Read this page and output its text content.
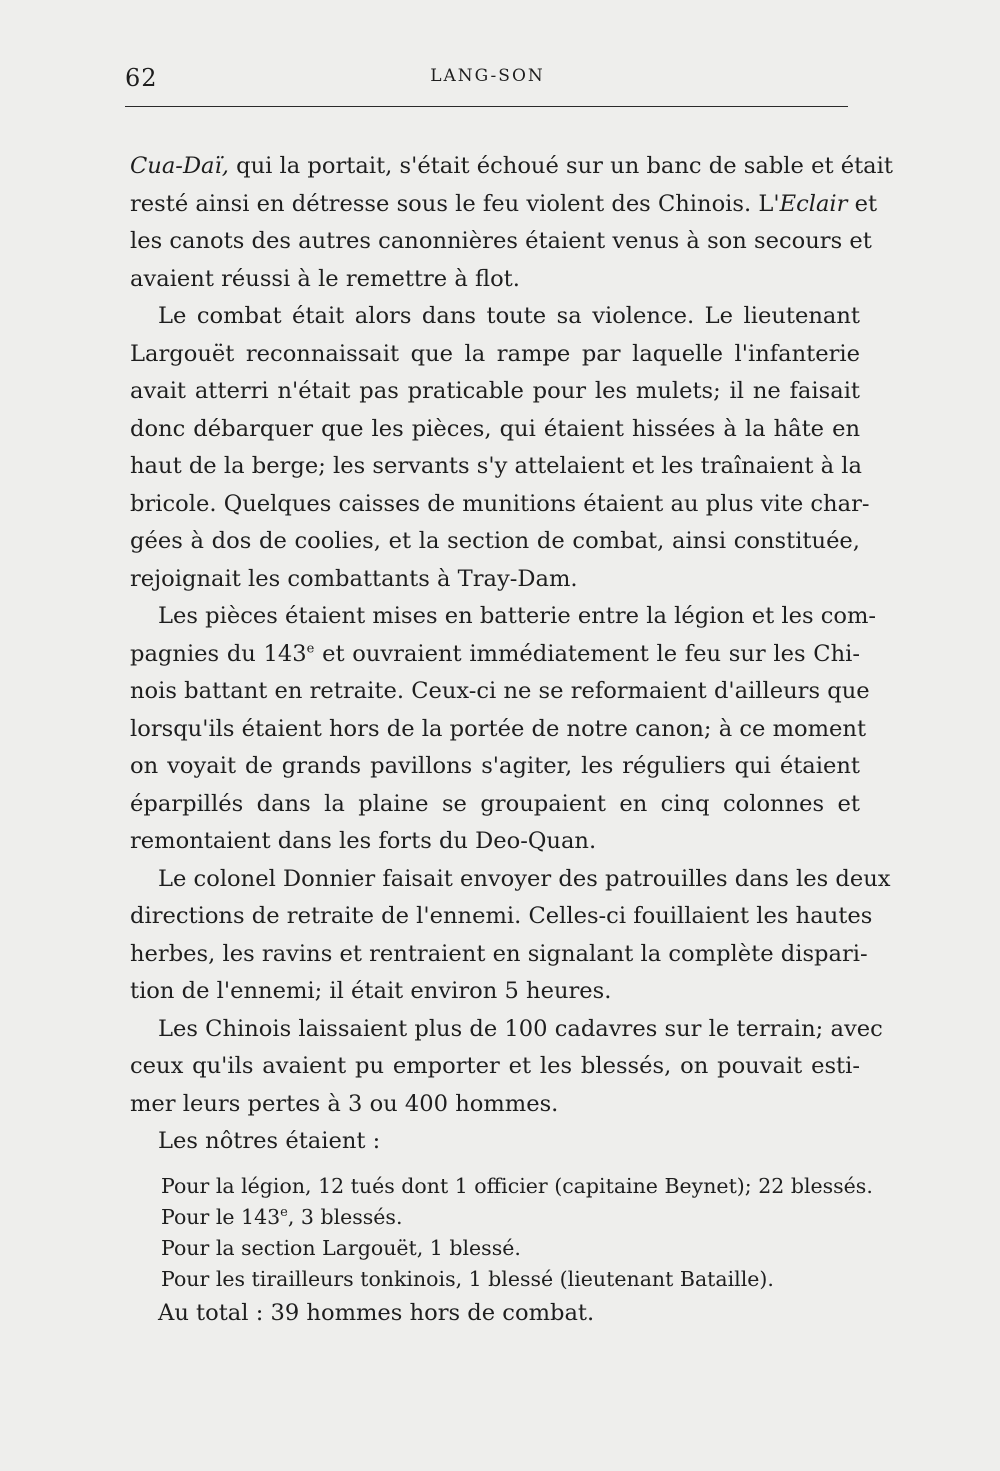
62	LANG-SON

Cua-Daï, qui la portait, s'était échoué sur un banc de sable et était
resté ainsi en détresse sous le feu violent des Chinois. L'Eclair et
les canots des autres canonnières étaient venus à son secours et
avaient réussi à le remettre à flot.

Le combat était alors dans toute sa violence. Le lieutenant
Largouët reconnaissait que la rampe par laquelle l'infanterie
avait atterri n'était pas praticable pour les mulets; il ne faisait
donc débarquer que les pièces, qui étaient hissées à la hâte en
haut de la berge; les servants s'y attelaient et les traînaient à la
bricole. Quelques caisses de munitions étaient au plus vite char-
gées à dos de coolies, et la section de combat, ainsi constituée,
rejoignait les combattants à Tray-Dam.

Les pièces étaient mises en batterie entre la légion et les com-
pagnies du 143e et ouvraient immédiatement le feu sur les Chi-
nois battant en retraite. Ceux-ci ne se reformaient d'ailleurs que
lorsqu'ils étaient hors de la portée de notre canon; à ce moment
on voyait de grands pavillons s'agiter, les réguliers qui étaient
éparpillés dans la plaine se groupaient en cinq colonnes et
remontaient dans les forts du Deo-Quan.

Le colonel Donnier faisait envoyer des patrouilles dans les deux
directions de retraite de l'ennemi. Celles-ci fouillaient les hautes
herbes, les ravins et rentraient en signalant la complète dispari-
tion de l'ennemi; il était environ 5 heures.

Les Chinois laissaient plus de 100 cadavres sur le terrain; avec
ceux qu'ils avaient pu emporter et les blessés, on pouvait esti-
mer leurs pertes à 3 ou 400 hommes.

Les nôtres étaient :

Pour la légion, 12 tués dont 1 officier (capitaine Beynet); 22 blessés.
Pour le 143e, 3 blessés.
Pour la section Largouët, 1 blessé.
Pour les tirailleurs tonkinois, 1 blessé (lieutenant Bataille).

Au total : 39 hommes hors de combat.
